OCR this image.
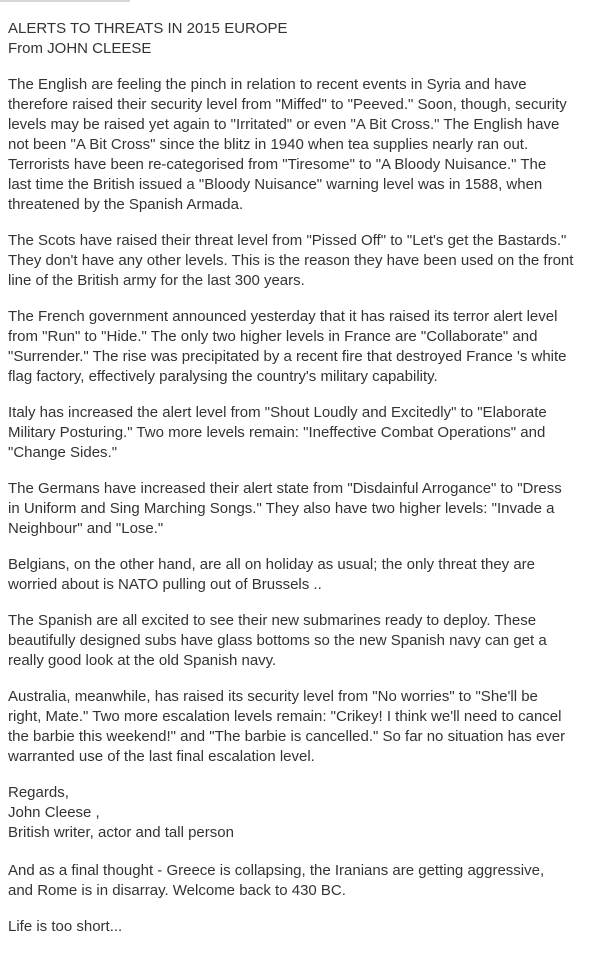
ALERTS TO THREATS IN 2015 EUROPE
From JOHN CLEESE
The English are feeling the pinch in relation to recent events in Syria and have
therefore raised their security level from "Miffed" to "Peeved." Soon, though, security
levels may be raised yet again to "Irritated" or even "A Bit Cross." The English have
not been "A Bit Cross" since the blitz in 1940 when tea supplies nearly ran out.
Terrorists have been re-categorised from "Tiresome" to "A Bloody Nuisance." The
last time the British issued a "Bloody Nuisance" warning level was in 1588, when
threatened by the Spanish Armada.
The Scots have raised their threat level from "Pissed Off" to "Let's get the Bastards."
They don't have any other levels. This is the reason they have been used on the front
line of the British army for the last 300 years.
The French government announced yesterday that it has raised its terror alert level
from "Run" to "Hide." The only two higher levels in France are "Collaborate" and
"Surrender." The rise was precipitated by a recent fire that destroyed France 's white
flag factory, effectively paralysing the country's military capability.
Italy has increased the alert level from "Shout Loudly and Excitedly" to "Elaborate
Military Posturing." Two more levels remain: "Ineffective Combat Operations" and
"Change Sides."
The Germans have increased their alert state from "Disdainful Arrogance" to "Dress
in Uniform and Sing Marching Songs." They also have two higher levels: "Invade a
Neighbour" and "Lose."
Belgians, on the other hand, are all on holiday as usual; the only threat they are
worried about is NATO pulling out of Brussels ..
The Spanish are all excited to see their new submarines ready to deploy. These
beautifully designed subs have glass bottoms so the new Spanish navy can get a
really good look at the old Spanish navy.
Australia, meanwhile, has raised its security level from "No worries" to "She'll be
right, Mate." Two more escalation levels remain: "Crikey! I think we'll need to cancel
the barbie this weekend!" and "The barbie is cancelled." So far no situation has ever
warranted use of the last final escalation level.
Regards,
John Cleese ,
British writer, actor and tall person
And as a final thought - Greece is collapsing, the Iranians are getting aggressive,
and Rome is in disarray. Welcome back to 430 BC.
Life is too short...
